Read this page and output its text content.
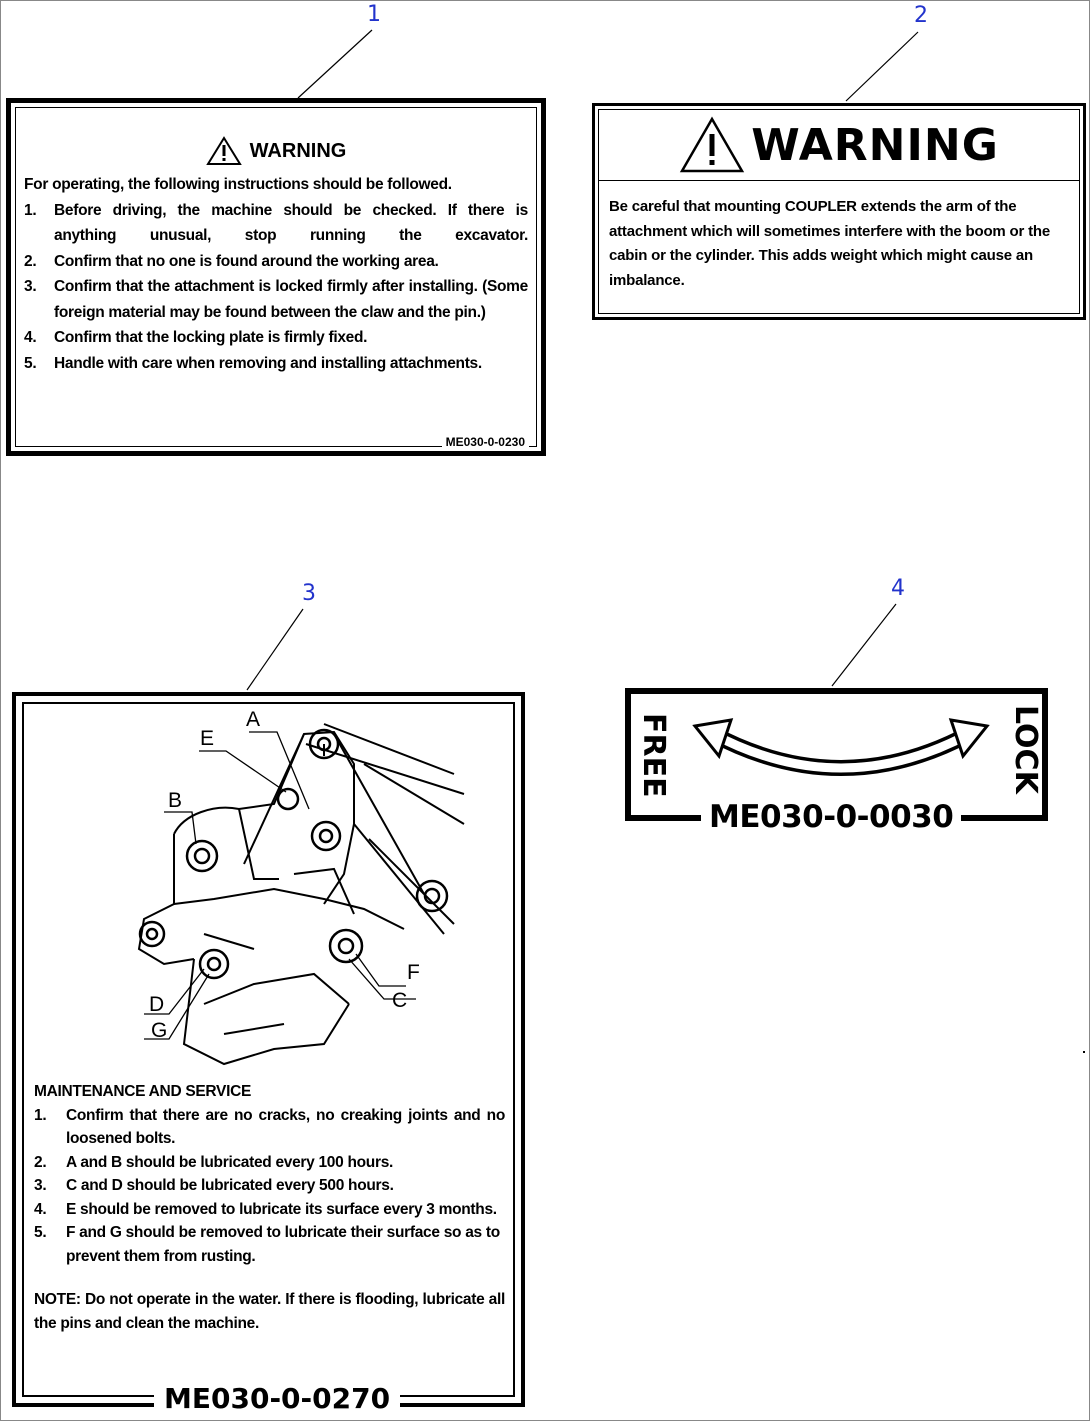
1	2
3	4
WARNING
For operating, the following instructions should be followed.
1.	Before driving, the machine should be checked. If there is anything unusual, stop running the excavator.
2.	Confirm that no one is found around the working area.
3.	Confirm that the attachment is locked firmly after installing. (Some foreign material may be found between the claw and the pin.)
4.	Confirm that the locking plate is firmly fixed.
5.	Handle with care when removing and installing attachments.
ME030-0-0230
WARNING
Be careful that mounting COUPLER extends the arm of the attachment which will sometimes interfere with the boom or the cabin or the cylinder. This adds weight which might cause an imbalance.
A
E
B
F
C
D
G
MAINTENANCE AND SERVICE
1.	Confirm that there are no cracks, no creaking joints and no loosened bolts.
2.	A and B should be lubricated every 100 hours.
3.	C and D should be lubricated every 500 hours.
4.	E should be removed to lubricate its surface every 3 months.
5.	F and G should be removed to lubricate their surface so as to prevent them from rusting.
NOTE: Do not operate in the water. If there is flooding, lubricate all the pins and clean the machine.
ME030-0-0270
FREE	LOCK
ME030-0-0030
